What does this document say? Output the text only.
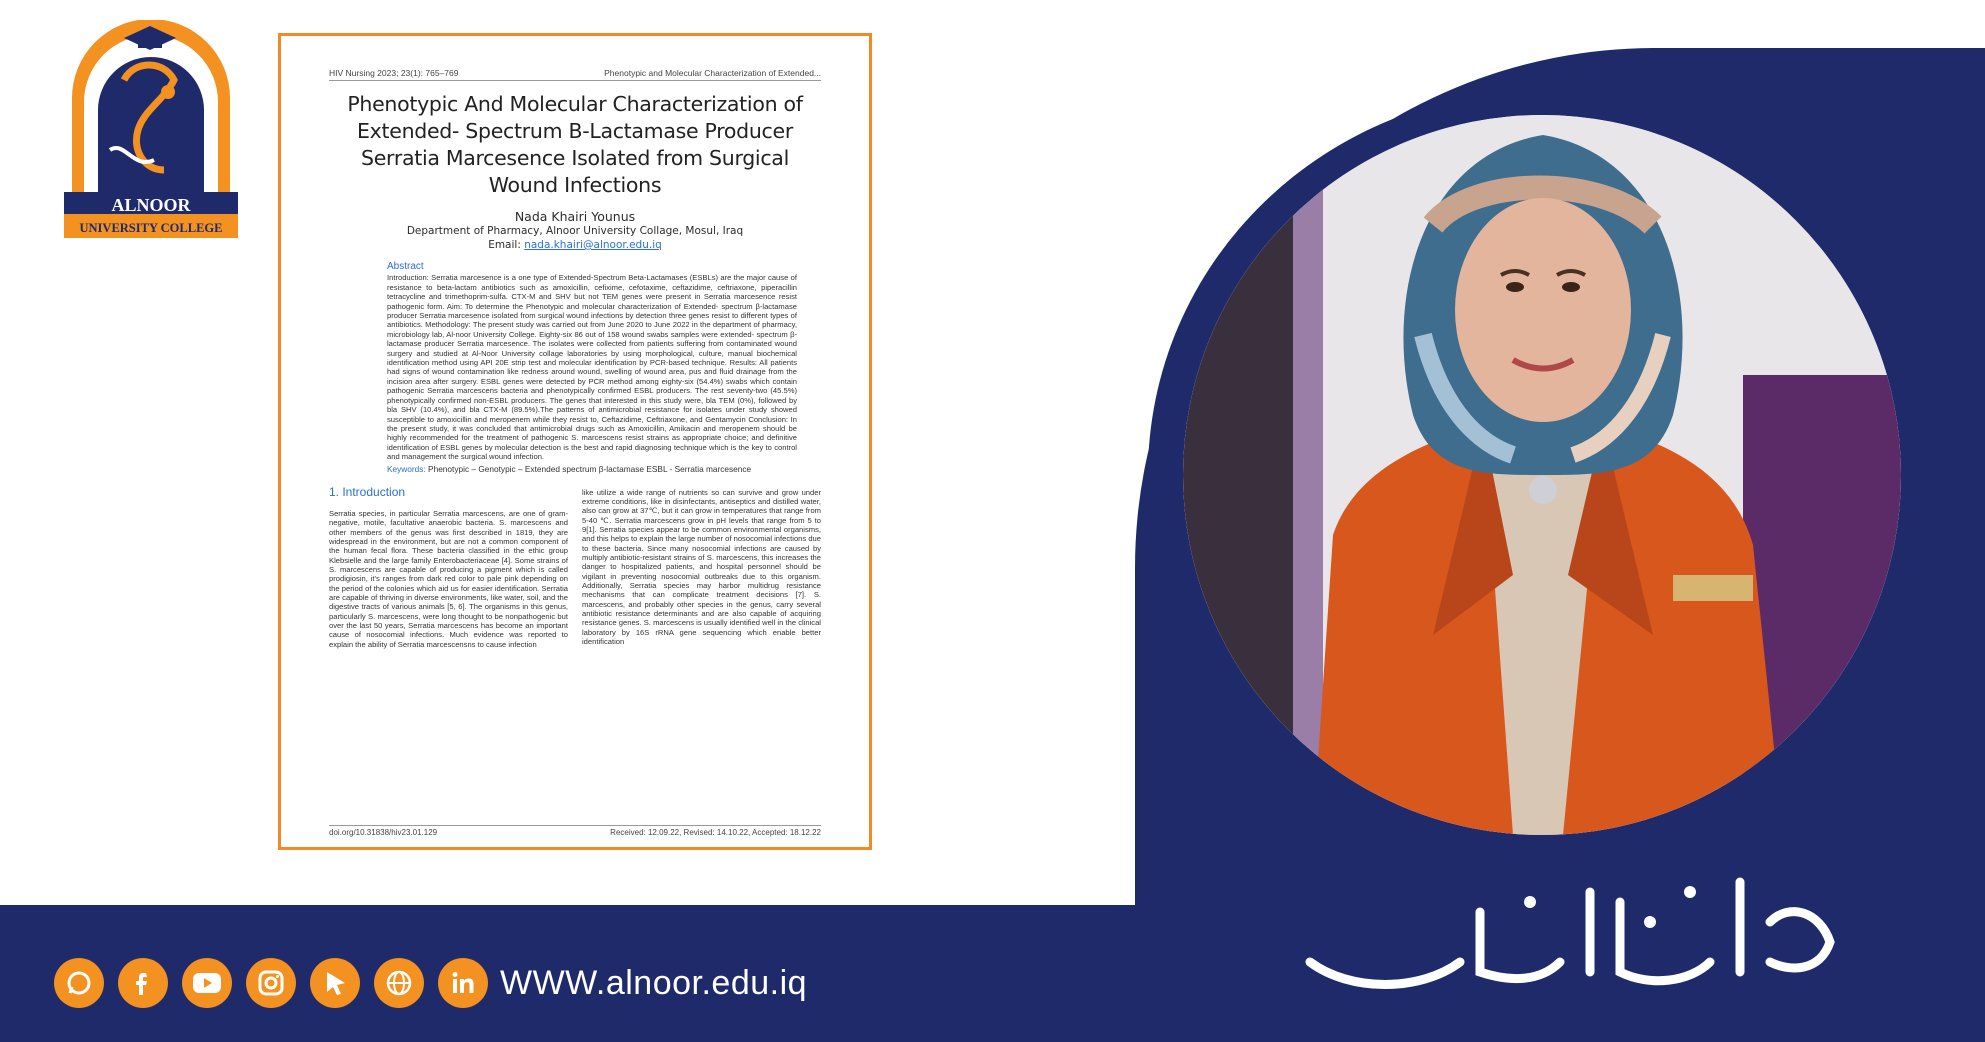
ALNOOR
UNIVERSITY COLLEGE
HIV Nursing 2023; 23(1): 765–769	Phenotypic and Molecular Characterization of Extended...
Phenotypic And Molecular Characterization of Extended- Spectrum B-Lactamase Producer Serratia Marcesence Isolated from Surgical Wound Infections
Nada Khairi Younus
Department of Pharmacy, Alnoor University Collage, Mosul, Iraq
Email: nada.khairi@alnoor.edu.iq
Abstract
Introduction: Serratia marcesence is a one type of Extended-Spectrum Beta-Lactamases (ESBLs) are the major cause of resistance to beta-lactam antibiotics such as amoxicillin, cefixime, cefotaxime, ceftazidime, ceftriaxone, piperacillin tetracycline and trimethoprim-sulfa. CTX-M and SHV but not TEM genes were present in Serratia marcesence resist pathogenic form. Aim: To determine the Phenotypic and molecular characterization of Extended- spectrum β-lactamase producer Serratia marcesence isolated from surgical wound infections by detection three genes resist to different types of antibiotics. Methodology: The present study was carried out from June 2020 to June 2022 in the department of pharmacy, microbiology lab, Al-noor University College. Eighty-six 86 out of 158 wound swabs samples were extended- spectrum β-lactamase producer Serratia marcesence. The isolates were collected from patients suffering from contaminated wound surgery and studied at Al-Noor University collage laboratories by using morphological, culture, manual biochemical identification method using API 20E strip test and molecular identification by PCR-based technique. Results: All patients had signs of wound contamination like redness around wound, swelling of wound area, pus and fluid drainage from the incision area after surgery. ESBL genes were detected by PCR method among eighty-six (54.4%) swabs which contain pathogenic Serratia marcescens bacteria and phenotypically confirmed ESBL producers. The rest seventy-two (45.5%) phenotypically confirmed non-ESBL producers. The genes that interested in this study were, bla TEM (0%), followed by bla SHV (10.4%), and bla CTX-M (89.5%).The patterns of antimicrobial resistance for isolates under study showed susceptible to amoxicillin and meropenem while they resist to, Ceftazidime, Ceftriaxone, and Gentamycin Conclusion: In the present study, it was concluded that antimicrobial drugs such as Amoxicillin, Amikacin and meropenem should be highly recommended for the treatment of pathogenic S. marcescens resist strains as appropriate choice; and definitive identification of ESBL genes by molecular detection is the best and rapid diagnosing technique which is the key to control and management the surgical wound infection.
Keywords: Phenotypic – Genotypic – Extended spectrum β-lactamase ESBL - Serratia marcesence
1. Introduction
Serratia species, in particular Serratia marcescens, are one of gram-negative, motile, facultative anaerobic bacteria. S. marcescens and other members of the genus was first described in 1819, they are widespread in the environment, but are not a common component of the human fecal flora. These bacteria classified in the ethic group Klebsielle and the large family Enterobacteriaceae [4]. Some strains of S. marcescens are capable of producing a pigment which is called prodigiosin, it's ranges from dark red color to pale pink depending on the period of the colonies which aid us for easier identification. Serratia are capable of thriving in diverse environments, like water, soil, and the digestive tracts of various animals [5, 6]. The organisms in this genus, particularly S. marcescens, were long thought to be nonpathogenic but over the last 50 years, Serratia marcescens has become an important cause of nosocomial infections. Much evidence was reported to explain the ability of Serratia marcescensns to cause infection
like utilize a wide range of nutrients so can survive and grow under extreme conditions, like in disinfectants, antiseptics and distilled water, also can grow at 37℃, but it can grow in temperatures that range from 5-40 ℃. Serratia marcescens grow in pH levels that range from 5 to 9[1]. Serratia species appear to be common environmental organisms, and this helps to explain the large number of nosocomial infections due to these bacteria. Since many nosocomial infections are caused by multiply antibiotic-resistant strains of S. marcescens, this increases the danger to hospitalized patients, and hospital personnel should be vigilant in preventing nosocomial outbreaks due to this organism. Additionally, Serratia species may harbor multidrug resistance mechanisms that can complicate treatment decisions [7]. S. marcescens, and probably other species in the genus, carry several antibiotic resistance determinants and are also capable of acquiring resistance genes. S. marcescens is usually identified well in the clinical laboratory by 16S rRNA gene sequencing which enable better identification
doi.org/10.31838/hiv23.01.129	Received: 12.09.22, Revised: 14.10.22, Accepted: 18.12.22
WWW.alnoor.edu.iq
